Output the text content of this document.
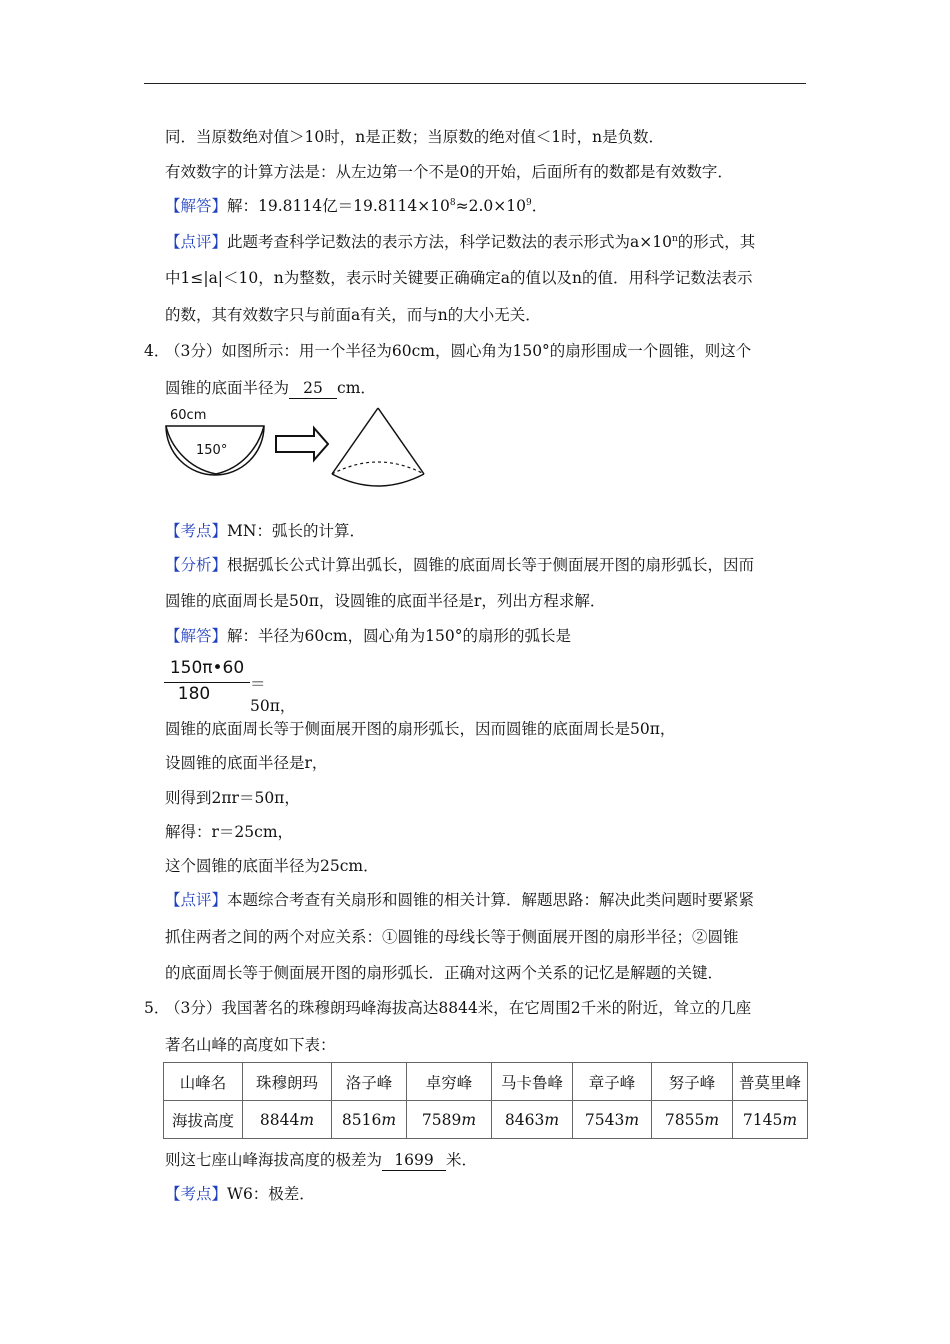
同．当原数绝对值＞10时，n是正数；当原数的绝对值＜1时，n是负数．
有效数字的计算方法是：从左边第一个不是0的开始，后面所有的数都是有效数字．
【解答】解：19.8114亿$=19.8114\times 10^8\approx 2.0\times 10^9$．
【点评】此题考查科学记数法的表示方法，科学记数法的表示形式为$a\times 10^n$的形式，其
中1≤|a|＜10，n为整数，表示时关键要正确确定a的值以及n的值．用科学记数法表示
的数，其有效数字只与前面a有关，而与n的大小无关．
4．
（3分）如图所示：用一个半径为60cm，圆心角为150°的扇形围成一个圆锥，则这个
圆锥的底面半径为 25 cm．
60cm
150°
【考点】MN：弧长的计算．
【分析】根据弧长公式计算出弧长，圆锥的底面周长等于侧面展开图的扇形弧长，因而
圆锥的底面周长是50π，设圆锥的底面半径是r，列出方程求解．
【解答】解：半径为60cm，圆心角为150°的扇形的弧长是
150π•60
180	＝50π，
圆锥的底面周长等于侧面展开图的扇形弧长，因而圆锥的底面周长是50π，
设圆锥的底面半径是r，
则得到2πr＝50π，
解得：r＝25cm，
这个圆锥的底面半径为25cm．
【点评】本题综合考查有关扇形和圆锥的相关计算．解题思路：解决此类问题时要紧紧
抓住两者之间的两个对应关系：①圆锥的母线长等于侧面展开图的扇形半径；②圆锥
的底面周长等于侧面展开图的扇形弧长．正确对这两个关系的记忆是解题的关键．
5．
（3分）我国著名的珠穆朗玛峰海拔高达8844米，在它周围2千米的附近，耸立的几座
著名山峰的高度如下表：
山峰名	珠穆朗玛	洛子峰	卓穷峰	马卡鲁峰	章子峰	努子峰	普莫里峰
海拔高度	8844m	8516m	7589m	8463m	7543m	7855m	7145m
则这七座山峰海拔高度的极差为 1699 米．
【考点】W6：极差．
